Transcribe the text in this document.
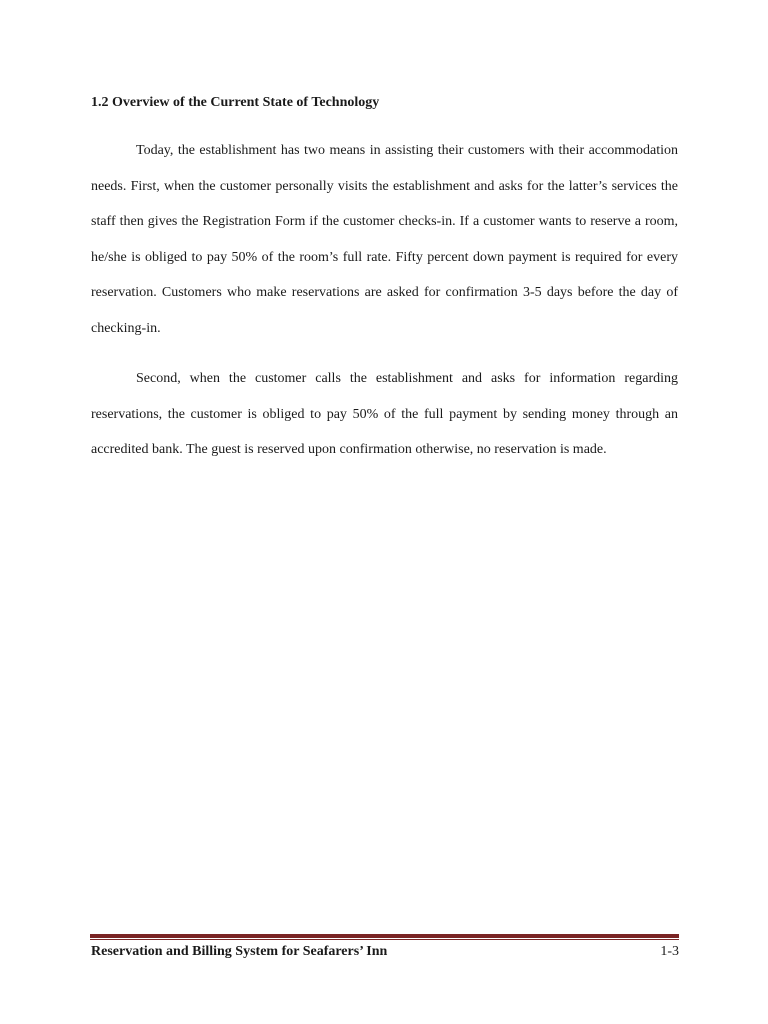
1.2 Overview of the Current State of Technology

Today, the establishment has two means in assisting their customers with their accommodation needs. First, when the customer personally visits the establishment and asks for the latter’s services the staff then gives the Registration Form if the customer checks-in. If a customer wants to reserve a room, he/she is obliged to pay 50% of the room’s full rate. Fifty percent down payment is required for every reservation. Customers who make reservations are asked for confirmation 3-5 days before the day of checking-in.

Second, when the customer calls the establishment and asks for information regarding reservations, the customer is obliged to pay 50% of the full payment by sending money through an accredited bank. The guest is reserved upon confirmation otherwise, no reservation is made.

Reservation and Billing System for Seafarers’ Inn	1-3
